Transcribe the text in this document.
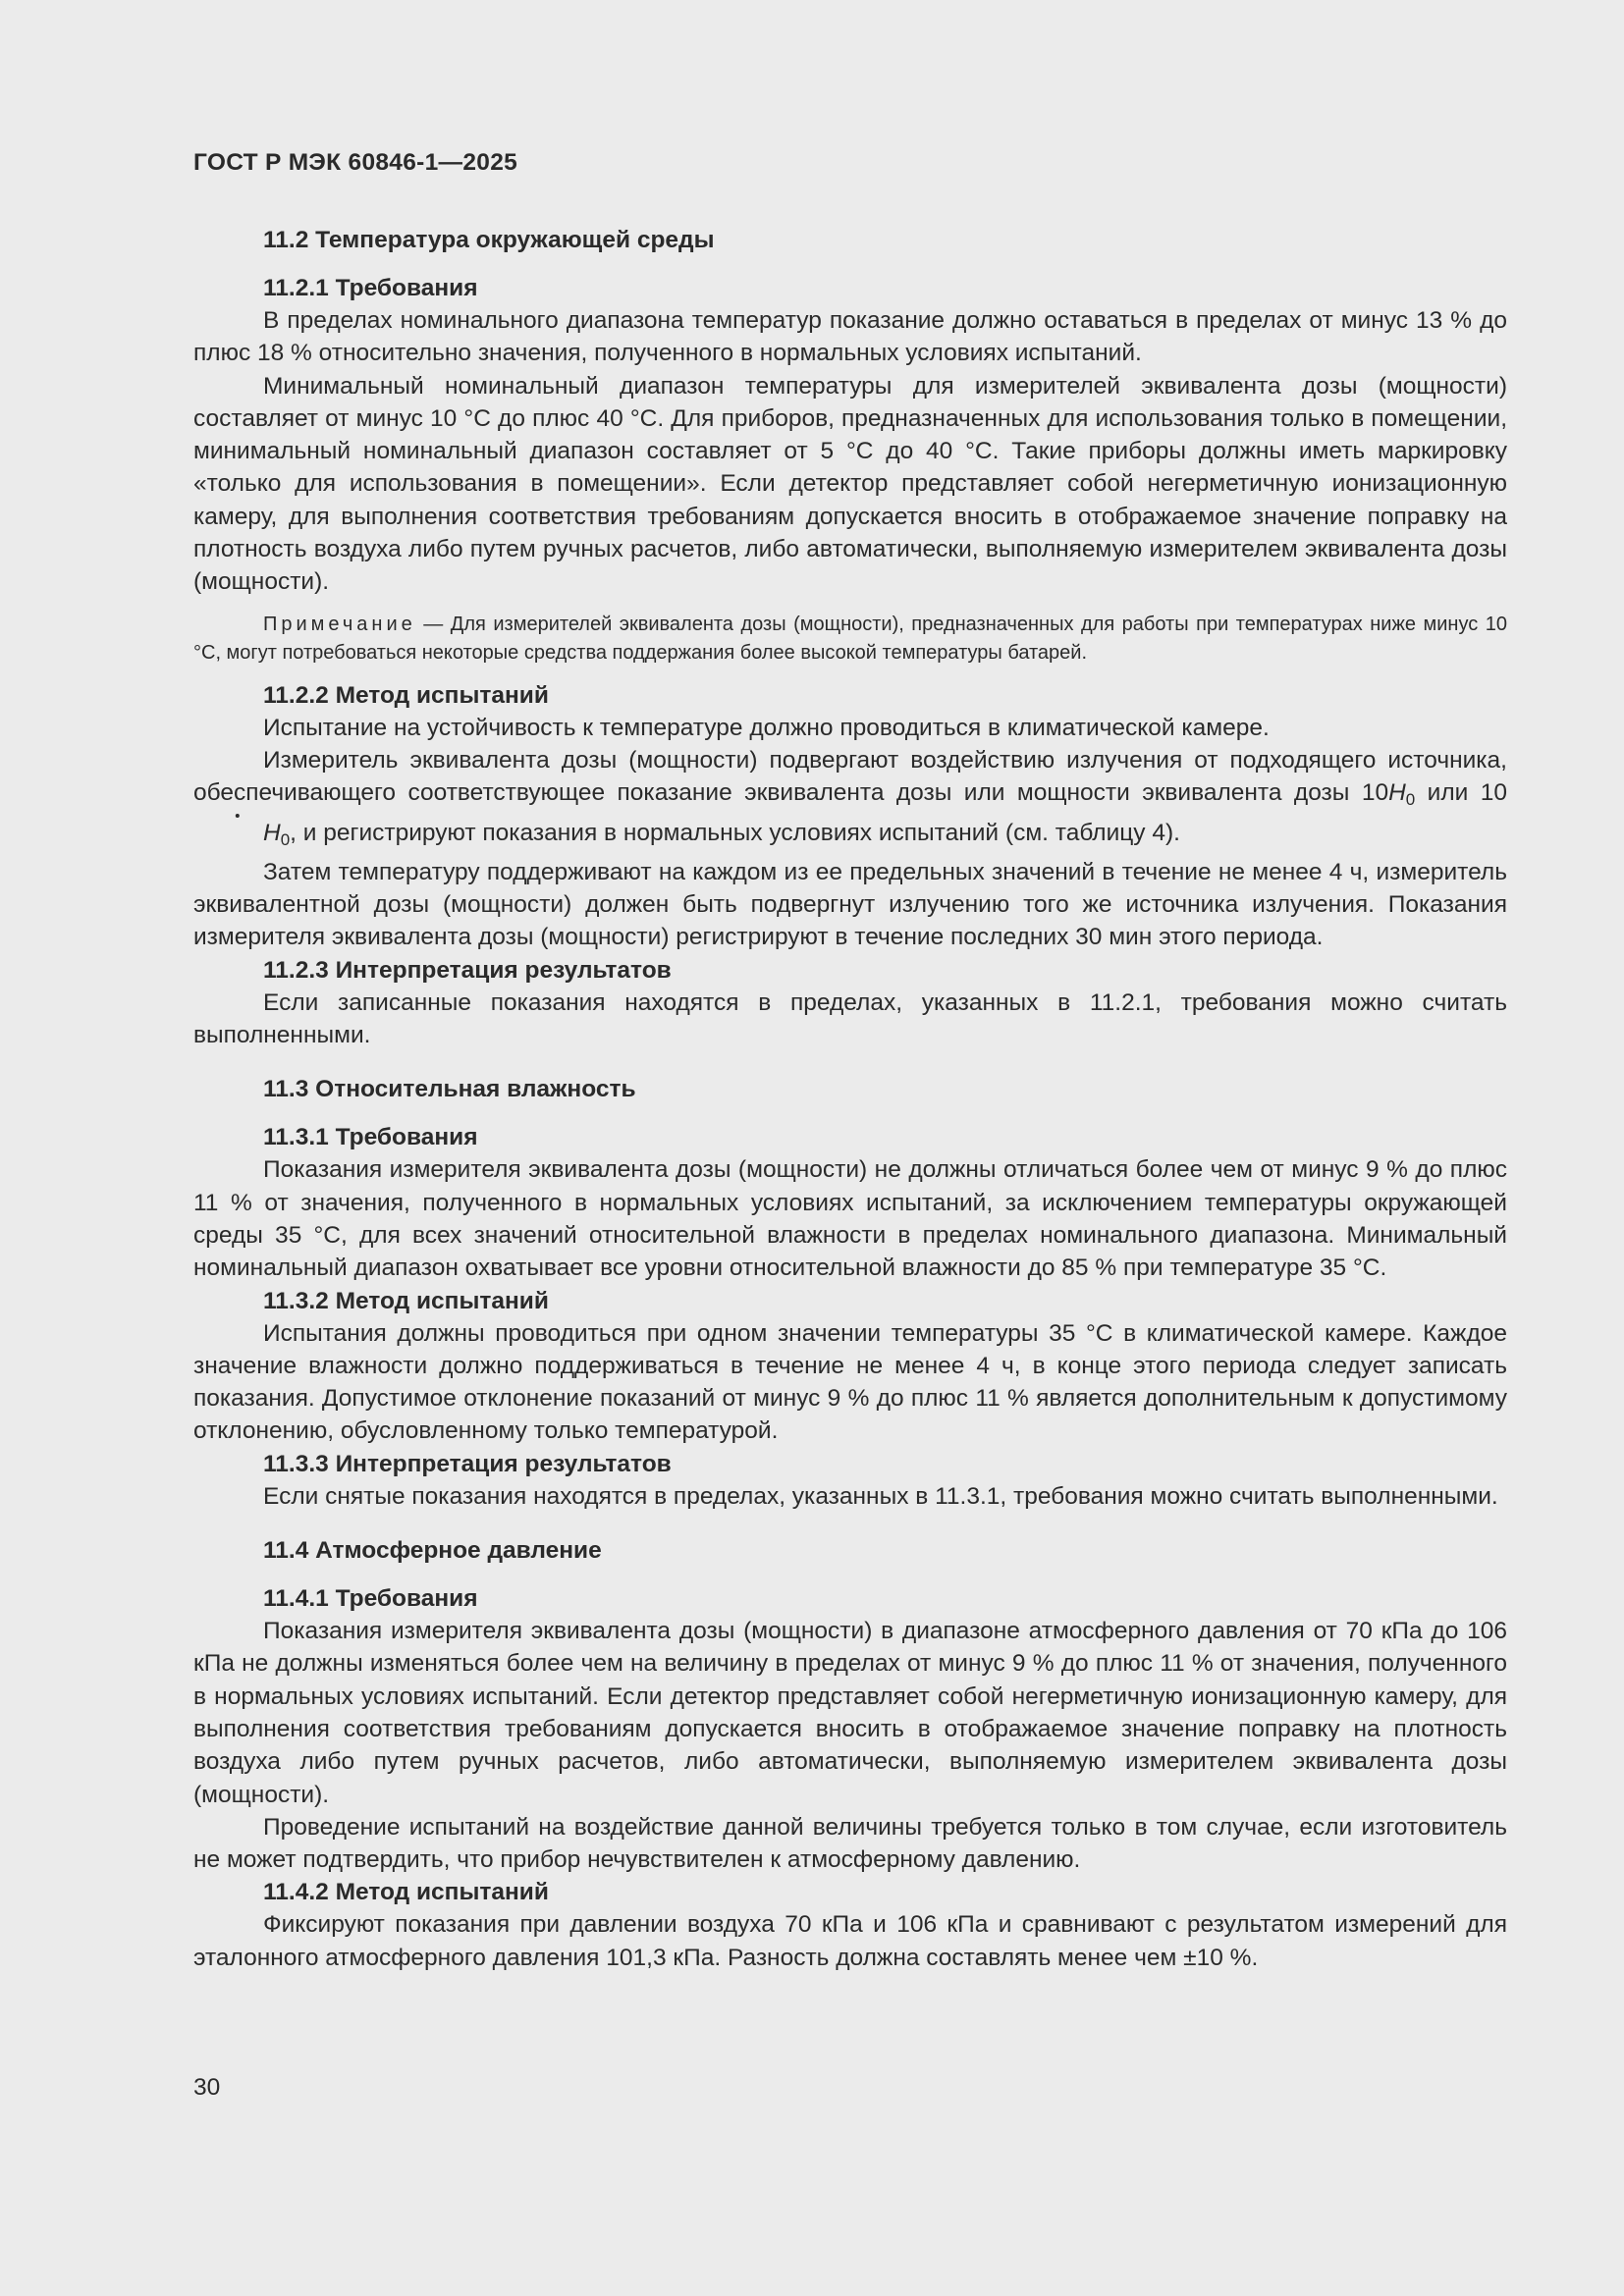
ГОСТ Р МЭК 60846-1—2025
11.2 Температура окружающей среды
11.2.1 Требования

В пределах номинального диапазона температур показание должно оставаться в пределах от минус 13 % до плюс 18 % относительно значения, полученного в нормальных условиях испытаний.

Минимальный номинальный диапазон температуры для измерителей эквивалента дозы (мощности) составляет от минус 10 °С до плюс 40 °С. Для приборов, предназначенных для использования только в помещении, минимальный номинальный диапазон составляет от 5 °С до 40 °С. Такие приборы должны иметь маркировку «только для использования в помещении». Если детектор представляет собой негерметичную ионизационную камеру, для выполнения соответствия требованиям допускается вносить в отображаемое значение поправку на плотность воздуха либо путем ручных расчетов, либо автоматически, выполняемую измерителем эквивалента дозы (мощности).

Примечание — Для измерителей эквивалента дозы (мощности), предназначенных для работы при температурах ниже минус 10 °С, могут потребоваться некоторые средства поддержания более высокой температуры батарей.

11.2.2 Метод испытаний

Испытание на устойчивость к температуре должно проводиться в климатической камере.

Измеритель эквивалента дозы (мощности) подвергают воздействию излучения от подходящего источника, обеспечивающего соответствующее показание эквивалента дозы или мощности эквивалента дозы $10H_0$ или $10H_0$, и регистрируют показания в нормальных условиях испытаний (см. таблицу 4).

Затем температуру поддерживают на каждом из ее предельных значений в течение не менее 4 ч, измеритель эквивалентной дозы (мощности) должен быть подвергнут излучению того же источника излучения. Показания измерителя эквивалента дозы (мощности) регистрируют в течение последних 30 мин этого периода.

11.2.3 Интерпретация результатов

Если записанные показания находятся в пределах, указанных в 11.2.1, требования можно считать выполненными.

11.3 Относительная влажность
11.3.1 Требования

Показания измерителя эквивалента дозы (мощности) не должны отличаться более чем от минус 9 % до плюс 11 % от значения, полученного в нормальных условиях испытаний, за исключением температуры окружающей среды 35 °С, для всех значений относительной влажности в пределах номинального диапазона. Минимальный номинальный диапазон охватывает все уровни относительной влажности до 85 % при температуре 35 °С.

11.3.2 Метод испытаний

Испытания должны проводиться при одном значении температуры 35 °С в климатической камере. Каждое значение влажности должно поддерживаться в течение не менее 4 ч, в конце этого периода следует записать показания. Допустимое отклонение показаний от минус 9 % до плюс 11 % является дополнительным к допустимому отклонению, обусловленному только температурой.

11.3.3 Интерпретация результатов

Если снятые показания находятся в пределах, указанных в 11.3.1, требования можно считать выполненными.

11.4 Атмосферное давление
11.4.1 Требования

Показания измерителя эквивалента дозы (мощности) в диапазоне атмосферного давления от 70 кПа до 106 кПа не должны изменяться более чем на величину в пределах от минус 9 % до плюс 11 % от значения, полученного в нормальных условиях испытаний. Если детектор представляет собой негерметичную ионизационную камеру, для выполнения соответствия требованиям допускается вносить в отображаемое значение поправку на плотность воздуха либо путем ручных расчетов, либо автоматически, выполняемую измерителем эквивалента дозы (мощности).

Проведение испытаний на воздействие данной величины требуется только в том случае, если изготовитель не может подтвердить, что прибор нечувствителен к атмосферному давлению.

11.4.2 Метод испытаний

Фиксируют показания при давлении воздуха 70 кПа и 106 кПа и сравнивают с результатом измерений для эталонного атмосферного давления 101,3 кПа. Разность должна составлять менее чем ±10 %.

30
